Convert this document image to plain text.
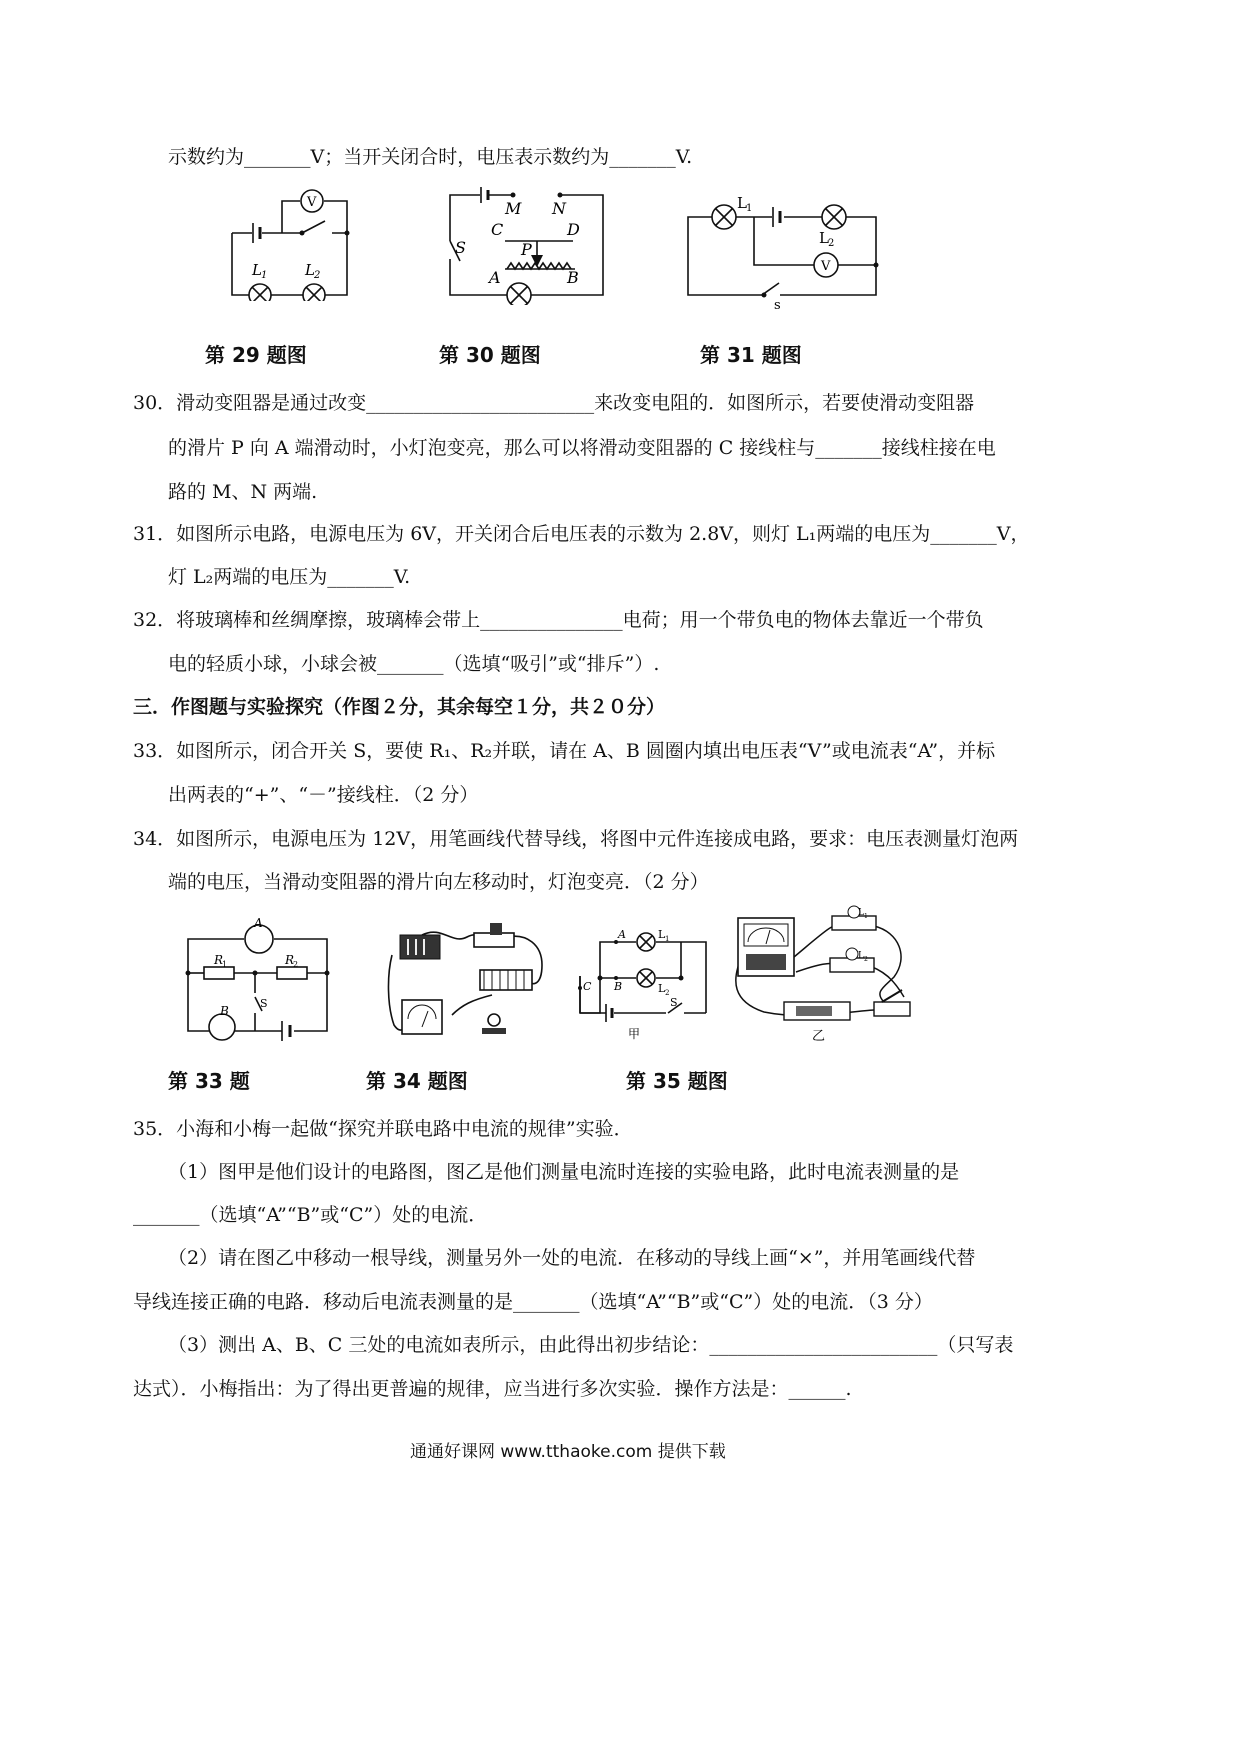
示数约为_______V；当开关闭合时，电压表示数约为_______V.
V
L 1	L 2
M N
C	D
P
A	B
S
V
L 1
L 2
s
第 29 题图	第 30 题图	第 31 题图
30．滑动变阻器是通过改变________________________来改变电阻的．如图所示，若要使滑动变阻器
的滑片 P 向 A 端滑动时，小灯泡变亮，那么可以将滑动变阻器的 C 接线柱与_______接线柱接在电
路的 M、N 两端.
31．如图所示电路，电源电压为 6V，开关闭合后电压表的示数为 2.8V，则灯 L₁两端的电压为_______V，
灯 L₂两端的电压为_______V.
32．将玻璃棒和丝绸摩擦，玻璃棒会带上_______________电荷；用一个带负电的物体去靠近一个带负
电的轻质小球，小球会被_______（选填“吸引”或“排斥”）.
三．作图题与实验探究（作图２分，其余每空１分，共２０分）
33．如图所示，闭合开关 S，要使 R₁、R₂并联，请在 A、B 圆圈内填出电压表“V”或电流表“A”，并标
出两表的“+”、“－”接线柱．（2 分）
34．如图所示，电源电压为 12V，用笔画线代替导线，将图中元件连接成电路，要求：电压表测量灯泡两
端的电压，当滑动变阻器的滑片向左移动时，灯泡变亮．（2 分）
A
B
S
R
1	R
2
A
B
C
L 1
L 2
S
甲
L 1
L 2
乙
第 33 题	第 34 题图	第 35 题图
35．小海和小梅一起做“探究并联电路中电流的规律”实验．
（1）图甲是他们设计的电路图，图乙是他们测量电流时连接的实验电路，此时电流表测量的是
_______（选填“A”“B”或“C”）处的电流．
（2）请在图乙中移动一根导线，测量另外一处的电流．在移动的导线上画“×”，并用笔画线代替
导线连接正确的电路．移动后电流表测量的是_______（选填“A”“B”或“C”）处的电流．（3 分）
（3）测出 A、B、C 三处的电流如表所示，由此得出初步结论：________________________（只写表
达式）．小梅指出：为了得出更普遍的规律，应当进行多次实验．操作方法是：______.
通通好课网 www.tthaoke.com 提供下载
